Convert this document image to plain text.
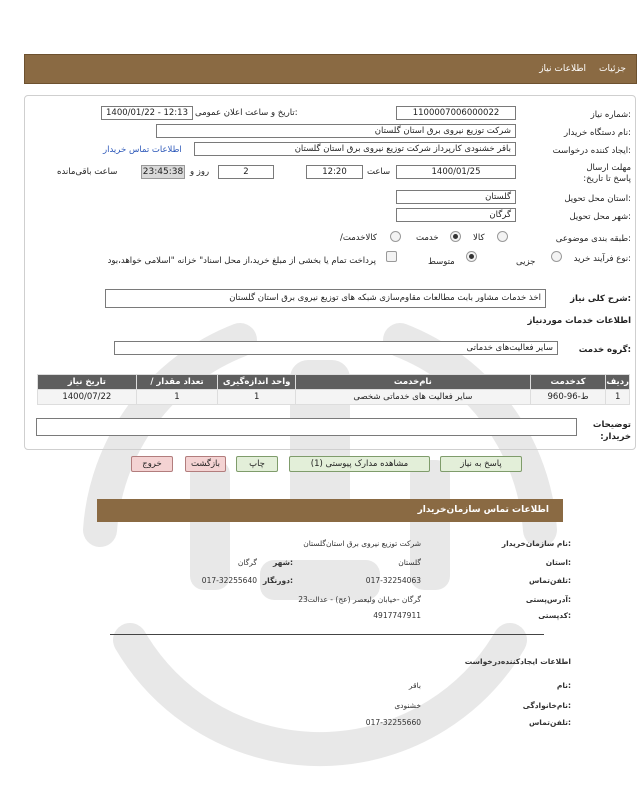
جزئیات
اطلاعات نیاز
شماره نیاز:
1100007006000022
تاریخ و ساعت اعلان عمومی:
1400/01/22 - 12:13
نام دستگاه خریدار:
شرکت توزیع نیروی برق استان گلستان
ایجاد کننده درخواست:
باقر خشنودی کارپرداز شرکت توزیع نیروی برق استان گلستان
اطلاعات تماس خریدار
مهلت ارسال پاسخ تا تاریخ:
1400/01/25
ساعت
12:20
2
روز و
23:45:38
ساعت باقی‌مانده
استان محل تحویل:
گلستان
شهر محل تحویل:
گرگان
طبقه بندی موضوعی:
کالا
خدمت
/کالاخدمت
نوع فرآیند خرید:
جزیی
متوسط
پرداخت تمام یا بخشی از مبلغ خرید،از محل اسناد" خزانه "اسلامی خواهد،بود
شرح کلی نیاز:
اخذ خدمات مشاور بابت مطالعات مقاوم‌سازی شبکه های توزیع نیروی برق استان گلستان
اطلاعات خدمات موردنیاز
گروه خدمت:
سایر فعالیت‌های خدماتی
ردیف	کدخدمت	نام‌خدمت	واحد اندازه‌گیری	تعداد مقدار /	تاریخ نیاز
1	ط-96-960	سایر فعالیت های خدماتی شخصی	1	1	1400/07/22
توضیحات خریدار:
پاسخ به نیاز
مشاهده مدارک پیوستی (1)
چاپ
بازگشت
خروج
اطلاعات تماس سازمان‌خریدار
نام سازمان‌خریدار:
شرکت توزیع نیروی برق استان‌گلستان
استان:
گلستان
شهر:
گرگان
تلفن‌تماس:
017-32254063
دورنگار:
017-32255640
آدرس‌پستی:
گرگان -خیابان ولیعصر (عج) - عدالت23
کدپستی:
4917747911
اطلاعات ایجادکننده‌درخواست
نام:
باقر
نام‌خانوادگی:
خشنودی
تلفن‌تماس:
017-32255660
